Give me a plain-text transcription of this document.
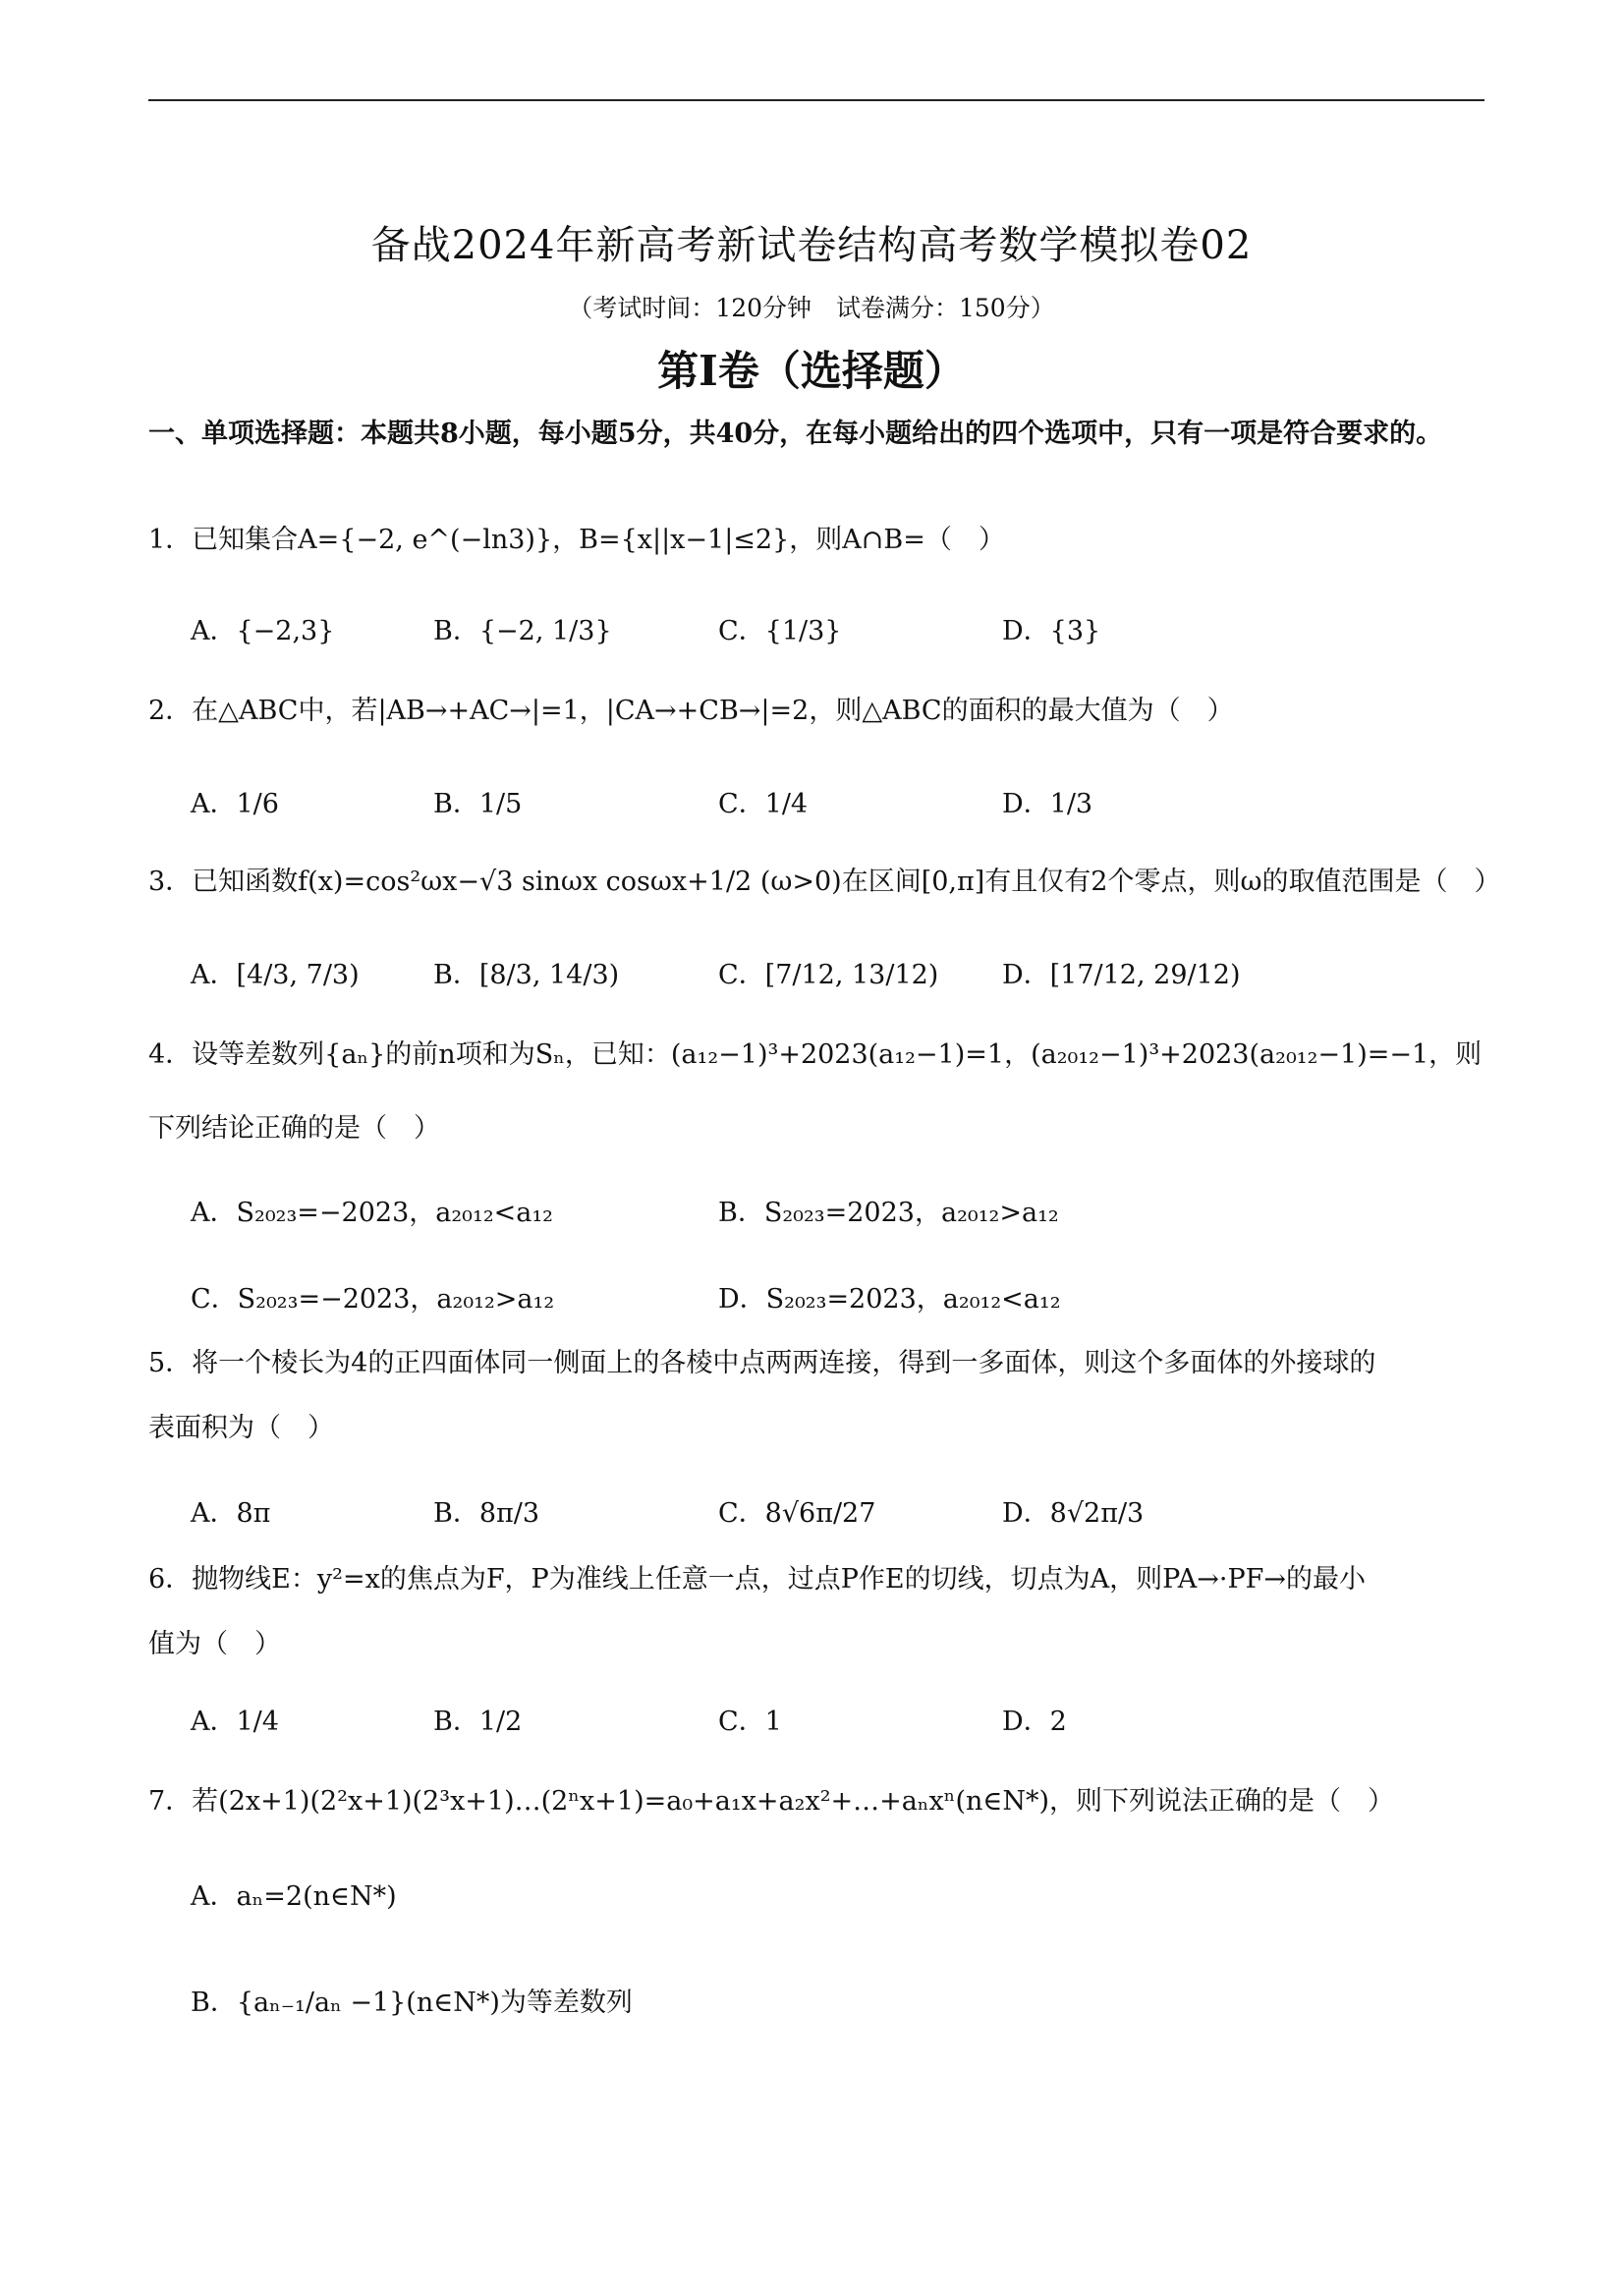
备战2024年新高考新试卷结构高考数学模拟卷02
（考试时间：120分钟　试卷满分：150分）
第I卷（选择题）
一、单项选择题：本题共8小题，每小题5分，共40分，在每小题给出的四个选项中，只有一项是符合要求的。
1．已知集合A={−2, e^(−ln3)}，B={x||x−1|≤2}，则A∩B=（　）
A．{−2,3}	B．{−2, 1/3}	C．{1/3}	D．{3}
2．在△ABC中，若|AB→+AC→|=1，|CA→+CB→|=2，则△ABC的面积的最大值为（　）
A．1/6	B．1/5	C．1/4	D．1/3
3．已知函数f(x)=cos²ωx−√3 sinωx cosωx+1/2 (ω>0)在区间[0,π]有且仅有2个零点，则ω的取值范围是（　）
A．[4/3, 7/3)	B．[8/3, 14/3)	C．[7/12, 13/12) D．[17/12, 29/12)
4．设等差数列{aₙ}的前n项和为Sₙ，已知：(a₁₂−1)³+2023(a₁₂−1)=1，(a₂₀₁₂−1)³+2023(a₂₀₁₂−1)=−1，则
下列结论正确的是（　）
A．S₂₀₂₃=−2023，a₂₀₁₂<a₁₂	B．S₂₀₂₃=2023，a₂₀₁₂>a₁₂
C．S₂₀₂₃=−2023，a₂₀₁₂>a₁₂	D．S₂₀₂₃=2023，a₂₀₁₂<a₁₂
5．将一个棱长为4的正四面体同一侧面上的各棱中点两两连接，得到一多面体，则这个多面体的外接球的
表面积为（　）
A．8π	B．8π/3	C．8√6π/27	D．8√2π/3
6．抛物线E：y²=x的焦点为F，P为准线上任意一点，过点P作E的切线，切点为A，则PA→·PF→的最小
值为（　）
A．1/4	B．1/2	C．1	D．2
7．若(2x+1)(2²x+1)(2³x+1)…(2ⁿx+1)=a₀+a₁x+a₂x²+…+aₙxⁿ(n∈N*)，则下列说法正确的是（　）
A．aₙ=2(n∈N*)
B．{aₙ₋₁/aₙ −1}(n∈N*)为等差数列
